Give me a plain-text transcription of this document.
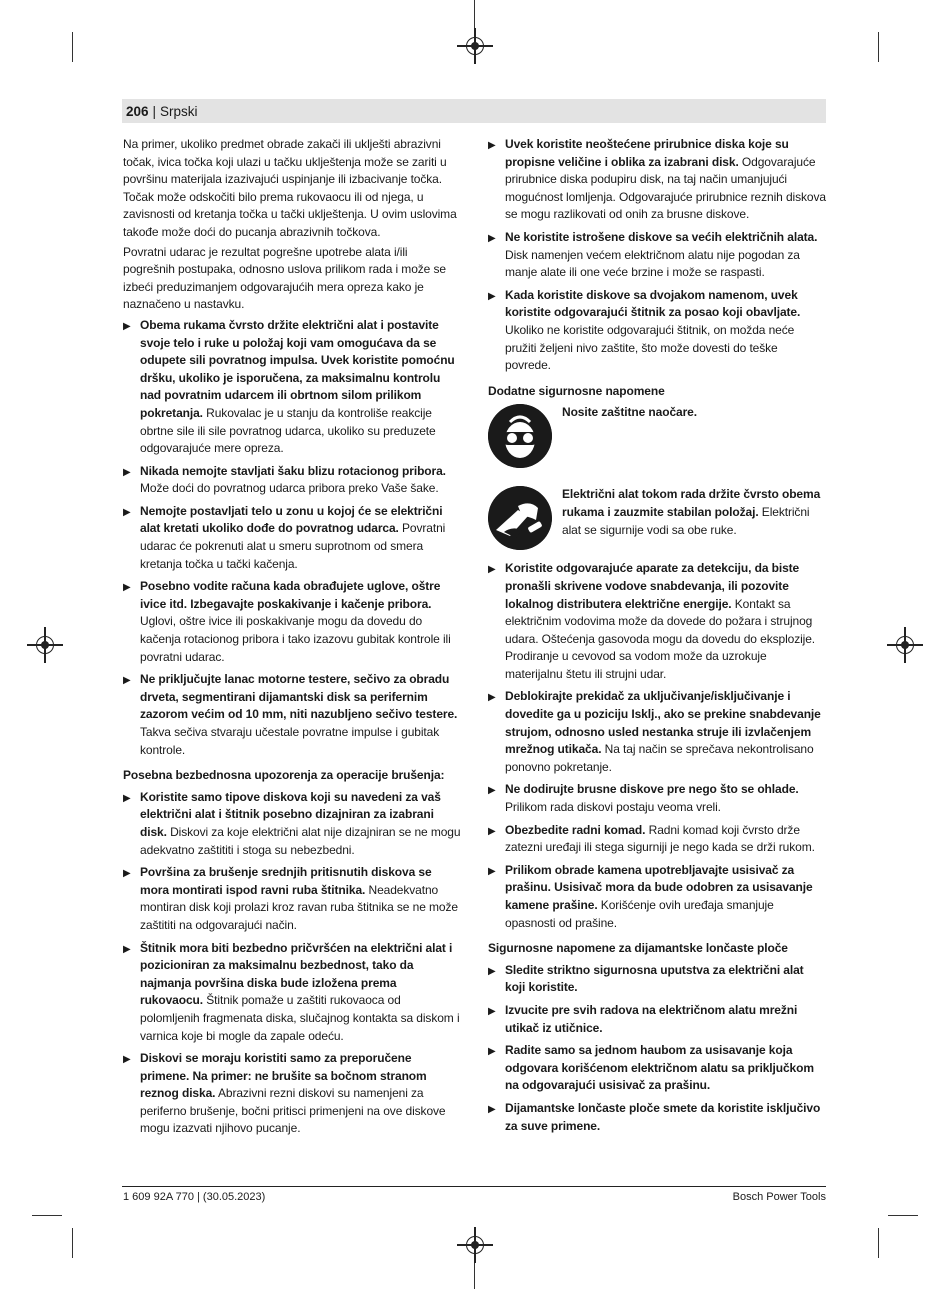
206 | Srpski

Na primer, ukoliko predmet obrade zakači ili uklješti abrazivni točak, ivica točka koji ulazi u tačku uklještenja može se zariti u površinu materijala izazivajući uspinjanje ili izbacivanje točka. Točak može odskočiti bilo prema rukovaocu ili od njega, u zavisnosti od kretanja točka u tački uklještenja. U ovim uslovima takođe može doći do pucanja abrazivnih točkova.

Povratni udarac je rezultat pogrešne upotrebe alata i/ili pogrešnih postupaka, odnosno uslova prilikom rada i može se izbeći preduzimanjem odgovarajućih mera opreza kako je naznačeno u nastavku.

▶ Obema rukama čvrsto držite električni alat i postavite svoje telo i ruke u položaj koji vam omogućava da se odupete sili povratnog impulsa. Uvek koristite pomoćnu dršku, ukoliko je isporučena, za maksimalnu kontrolu nad povratnim udarcem ili obrtnom silom prilikom pokretanja. Rukovalac je u stanju da kontroliše reakcije obrtne sile ili sile povratnog udarca, ukoliko su preduzete odgovarajuće mere opreza.
▶ Nikada nemojte stavljati šaku blizu rotacionog pribora. Može doći do povratnog udarca pribora preko Vaše šake.
▶ Nemojte postavljati telo u zonu u kojoj će se električni alat kretati ukoliko dođe do povratnog udarca. Povratni udarac će pokrenuti alat u smeru suprotnom od smera kretanja točka u tački kačenja.
▶ Posebno vodite računa kada obrađujete uglove, oštre ivice itd. Izbegavajte poskakivanje i kačenje pribora. Uglovi, oštre ivice ili poskakivanje mogu da dovedu do kačenja rotacionog pribora i tako izazovu gubitak kontrole ili povratni udarac.
▶ Ne priključujte lanac motorne testere, sečivo za obradu drveta, segmentirani dijamantski disk sa perifernim zazorom većim od 10 mm, niti nazubljeno sečivo testere. Takva sečiva stvaraju učestale povratne impulse i gubitak kontrole.
Posebna bezbednosna upozorenja za operacije brušenja:
▶ Koristite samo tipove diskova koji su navedeni za vaš električni alat i štitnik posebno dizajniran za izabrani disk. Diskovi za koje električni alat nije dizajniran se ne mogu adekvatno zaštititi i stoga su nebezbedni.
▶ Površina za brušenje srednjih pritisnutih diskova se mora montirati ispod ravni ruba štitnika. Neadekvatno montiran disk koji prolazi kroz ravan ruba štitnika se ne može zaštititi na odgovarajući način.
▶ Štitnik mora biti bezbedno pričvršćen na električni alat i pozicioniran za maksimalnu bezbednost, tako da najmanja površina diska bude izložena prema rukovaocu. Štitnik pomaže u zaštiti rukovaoca od polomljenih fragmenata diska, slučajnog kontakta sa diskom i varnica koje bi mogle da zapale odeću.
▶ Diskovi se moraju koristiti samo za preporučene primene. Na primer: ne brušite sa bočnom stranom reznog diska. Abrazivni rezni diskovi su namenjeni za periferno brušenje, bočni pritisci primenjeni na ove diskove mogu izazvati njihovo pucanje.
▶ Uvek koristite neoštećene prirubnice diska koje su propisne veličine i oblika za izabrani disk. Odgovarajuće prirubnice diska podupiru disk, na taj način umanjujući mogućnost lomljenja. Odgovarajuće prirubnice reznih diskova se mogu razlikovati od onih za brusne diskove.
▶ Ne koristite istrošene diskove sa većih električnih alata. Disk namenjen većem električnom alatu nije pogodan za manje alate ili one veće brzine i može se raspasti.
▶ Kada koristite diskove sa dvojakom namenom, uvek koristite odgovarajući štitnik za posao koji obavljate. Ukoliko ne koristite odgovarajući štitnik, on možda neće pružiti željeni nivo zaštite, što može dovesti do teške povrede.
Dodatne sigurnosne napomene
Nosite zaštitne naočare.
Električni alat tokom rada držite čvrsto obema rukama i zauzmite stabilan položaj. Električni alat se sigurnije vodi sa obe ruke.
▶ Koristite odgovarajuće aparate za detekciju, da biste pronašli skrivene vodove snabdevanja, ili pozovite lokalnog distributera električne energije. Kontakt sa električnim vodovima može da dovede do požara i strujnog udara. Oštećenja gasovoda mogu da dovedu do eksplozije. Prodiranje u cevovod sa vodom može da uzrokuje materijalnu štetu ili strujni udar.
▶ Deblokirajte prekidač za uključivanje/isključivanje i dovedite ga u poziciju Isklj., ako se prekine snabdevanje strujom, odnosno usled nestanka struje ili izvlačenjem mrežnog utikača. Na taj način se sprečava nekontrolisano ponovno pokretanje.
▶ Ne dodirujte brusne diskove pre nego što se ohlade. Prilikom rada diskovi postaju veoma vreli.
▶ Obezbedite radni komad. Radni komad koji čvrsto drže zatezni uređaji ili stega sigurniji je nego kada se drži rukom.
▶ Prilikom obrade kamena upotrebljavajte usisivač za prašinu. Usisivač mora da bude odobren za usisavanje kamene prašine. Korišćenje ovih uređaja smanjuje opasnosti od prašine.
Sigurnosne napomene za dijamantske lončaste ploče
▶ Sledite striktno sigurnosna uputstva za električni alat koji koristite.
▶ Izvucite pre svih radova na električnom alatu mrežni utikač iz utičnice.
▶ Radite samo sa jednom haubom za usisavanje koja odgovara korišćenom električnom alatu sa priključkom na odgovarajući usisivač za prašinu.
▶ Dijamantske lončaste ploče smete da koristite isključivo za suve primene.
1 609 92A 770 | (30.05.2023)	Bosch Power Tools
